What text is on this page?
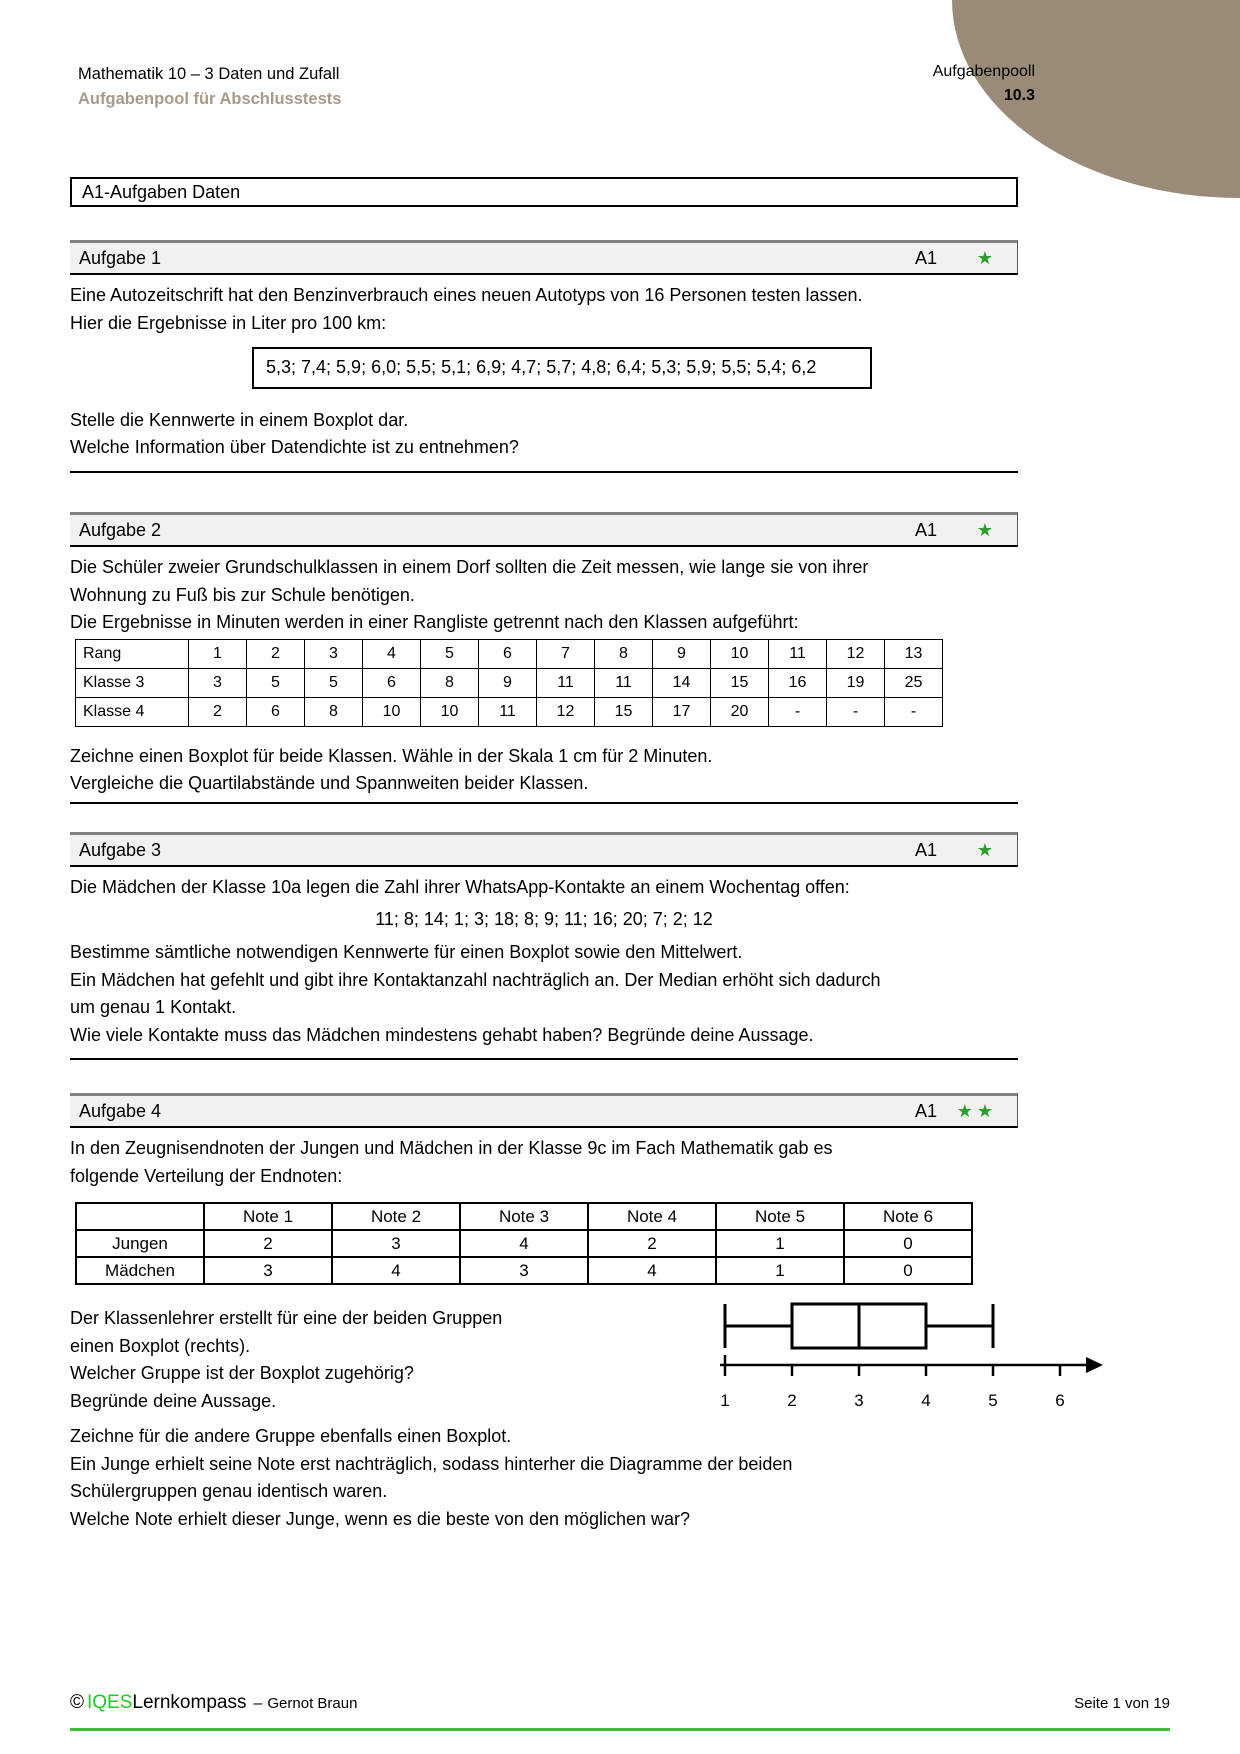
Aufgabenpooll
10.3
Mathematik 10 – 3 Daten und Zufall
Aufgabenpool für Abschlusstests
A1-Aufgaben Daten
Aufgabe 1	A1 ★

Eine Autozeitschrift hat den Benzinverbrauch eines neuen Autotyps von 16 Personen testen lassen.

Hier die Ergebnisse in Liter pro 100 km:

5,3; 7,4; 5,9; 6,0; 5,5; 5,1; 6,9; 4,7; 5,7; 4,8; 6,4; 5,3; 5,9; 5,5; 5,4; 6,2

Stelle die Kennwerte in einem Boxplot dar.

Welche Information über Datendichte ist zu entnehmen?

Aufgabe 2	A1 ★

Die Schüler zweier Grundschulklassen in einem Dorf sollten die Zeit messen, wie lange sie von ihrer

Wohnung zu Fuß bis zur Schule benötigen.

Die Ergebnisse in Minuten werden in einer Rangliste getrennt nach den Klassen aufgeführt:

Rang	1	2	3	4	5	6	7	8	9	10	11	12	13
Klasse 3	3	5	5	6	8	9	11	11	14	15	16	19	25
Klasse 4	2	6	8	10	10	11	12	15	17	20	-	-	-

Zeichne einen Boxplot für beide Klassen. Wähle in der Skala 1 cm für 2 Minuten.

Vergleiche die Quartilabstände und Spannweiten beider Klassen.

Aufgabe 3	A1 ★

Die Mädchen der Klasse 10a legen die Zahl ihrer WhatsApp-Kontakte an einem Wochentag offen:

11; 8; 14; 1; 3; 18; 8; 9; 11; 16; 20; 7; 2; 12

Bestimme sämtliche notwendigen Kennwerte für einen Boxplot sowie den Mittelwert.

Ein Mädchen hat gefehlt und gibt ihre Kontaktanzahl nachträglich an. Der Median erhöht sich dadurch

um genau 1 Kontakt.

Wie viele Kontakte muss das Mädchen mindestens gehabt haben? Begründe deine Aussage.

Aufgabe 4	A1 ★★

In den Zeugnisendnoten der Jungen und Mädchen in der Klasse 9c im Fach Mathematik gab es

folgende Verteilung der Endnoten:

	Note 1	Note 2	Note 3	Note 4	Note 5	Note 6
Jungen	2	3	4	2	1	0
Mädchen	3	4	3	4	1	0

Der Klassenlehrer erstellt für eine der beiden Gruppen

einen Boxplot (rechts).

Welcher Gruppe ist der Boxplot zugehörig?

Begründe deine Aussage.	1	2	3	4	5	6

Zeichne für die andere Gruppe ebenfalls einen Boxplot.

Ein Junge erhielt seine Note erst nachträglich, sodass hinterher die Diagramme der beiden

Schülergruppen genau identisch waren.

Welche Note erhielt dieser Junge, wenn es die beste von den möglichen war?

© IQES Lernkompass – Gernot Braun	Seite 1 von 19
